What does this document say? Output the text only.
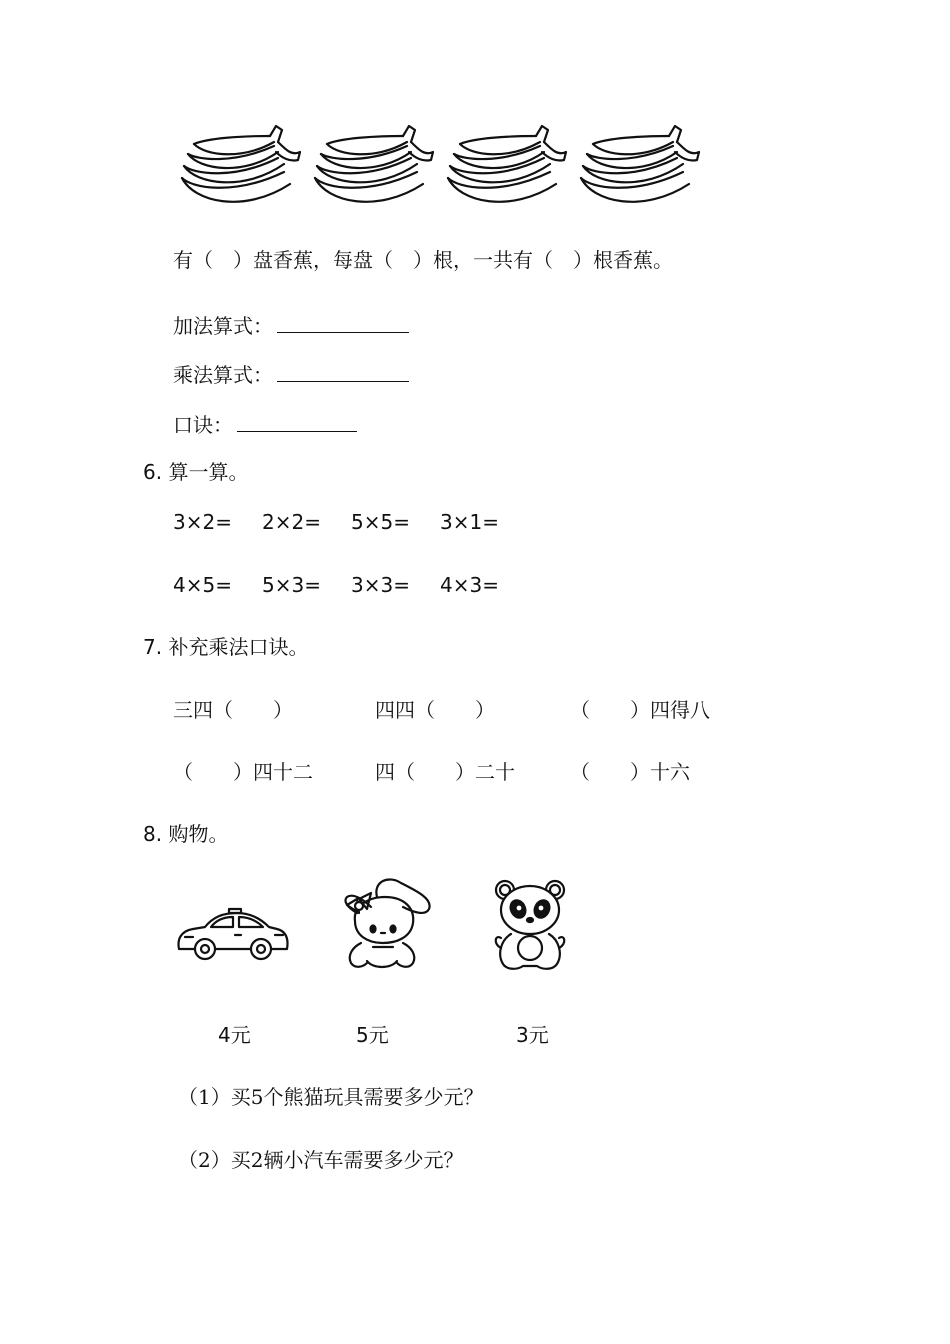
有（　）盘香蕉，每盘（　）根，一共有（　）根香蕉。
加法算式：
乘法算式：
口诀：
6. 算一算。
3×2= 2×2= 5×5= 3×1=
4×5= 5×3= 3×3= 4×3=
7. 补充乘法口诀。
三四（　　）	四四（　　）	（　　）四得八
（　　）四十二	四（　　）二十	（　　）十六
8. 购物。
4元	5元	3元
（1）买5个熊猫玩具需要多少元？
（2）买2辆小汽车需要多少元？
